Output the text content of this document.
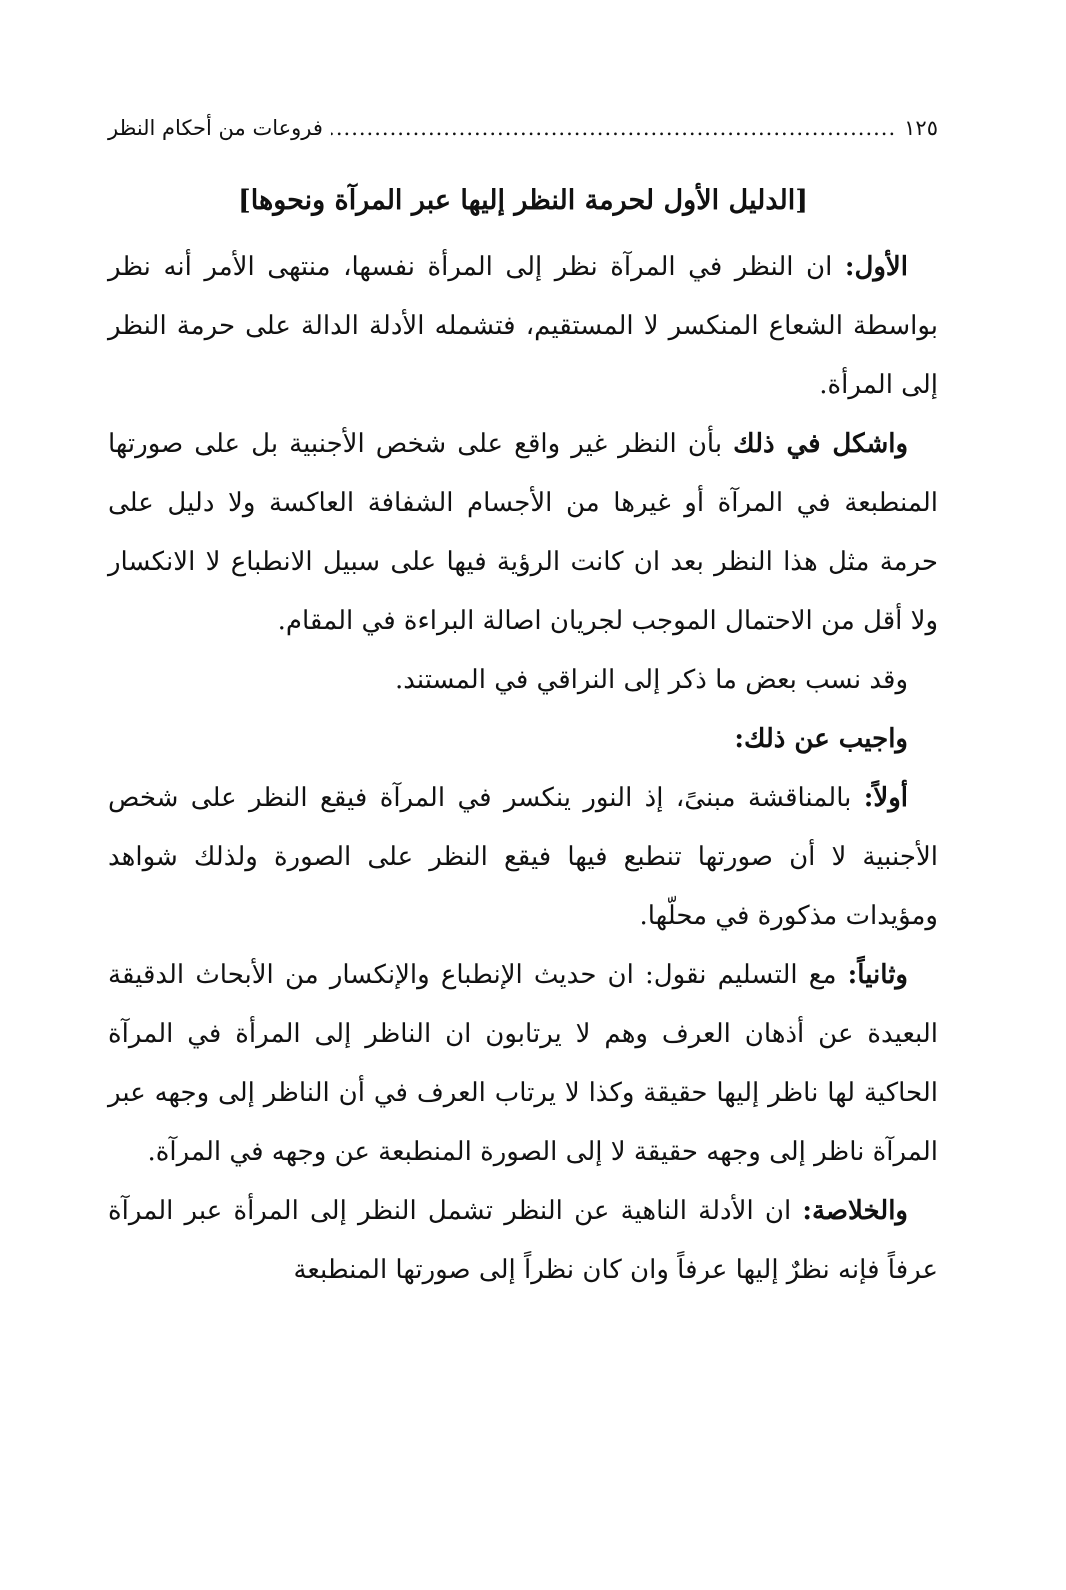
١٢٥
.....
فروعات من أحكام النظر
[الدليل الأول لحرمة النظر إليها عبر المرآة ونحوها]

الأول: ان النظر في المرآة نظر إلى المرأة نفسها، منتهى الأمر أنه نظر بواسطة الشعاع المنكسر لا المستقيم، فتشمله الأدلة الدالة على حرمة النظر إلى المرأة.

واشكل في ذلك بأن النظر غير واقع على شخص الأجنبية بل على صورتها المنطبعة في المرآة أو غيرها من الأجسام الشفافة العاكسة ولا دليل على حرمة مثل هذا النظر بعد ان كانت الرؤية فيها على سبيل الانطباع لا الانكسار ولا أقل من الاحتمال الموجب لجريان اصالة البراءة في المقام.

وقد نسب بعض ما ذكر إلى النراقي في المستند.

واجيب عن ذلك:

أولاً: بالمناقشة مبنىً، إذ النور ينكسر في المرآة فيقع النظر على شخص الأجنبية لا أن صورتها تنطبع فيها فيقع النظر على الصورة ولذلك شواهد ومؤيدات مذكورة في محلّها.

وثانياً: مع التسليم نقول: ان حديث الإنطباع والإنكسار من الأبحاث الدقيقة البعيدة عن أذهان العرف وهم لا يرتابون ان الناظر إلى المرأة في المرآة الحاكية لها ناظر إليها حقيقة وكذا لا يرتاب العرف في أن الناظر إلى وجهه عبر المرآة ناظر إلى وجهه حقيقة لا إلى الصورة المنطبعة عن وجهه في المرآة.

والخلاصة: ان الأدلة الناهية عن النظر تشمل النظر إلى المرأة عبر المرآة عرفاً فإنه نظرٌ إليها عرفاً وان كان نظراً إلى صورتها المنطبعة
